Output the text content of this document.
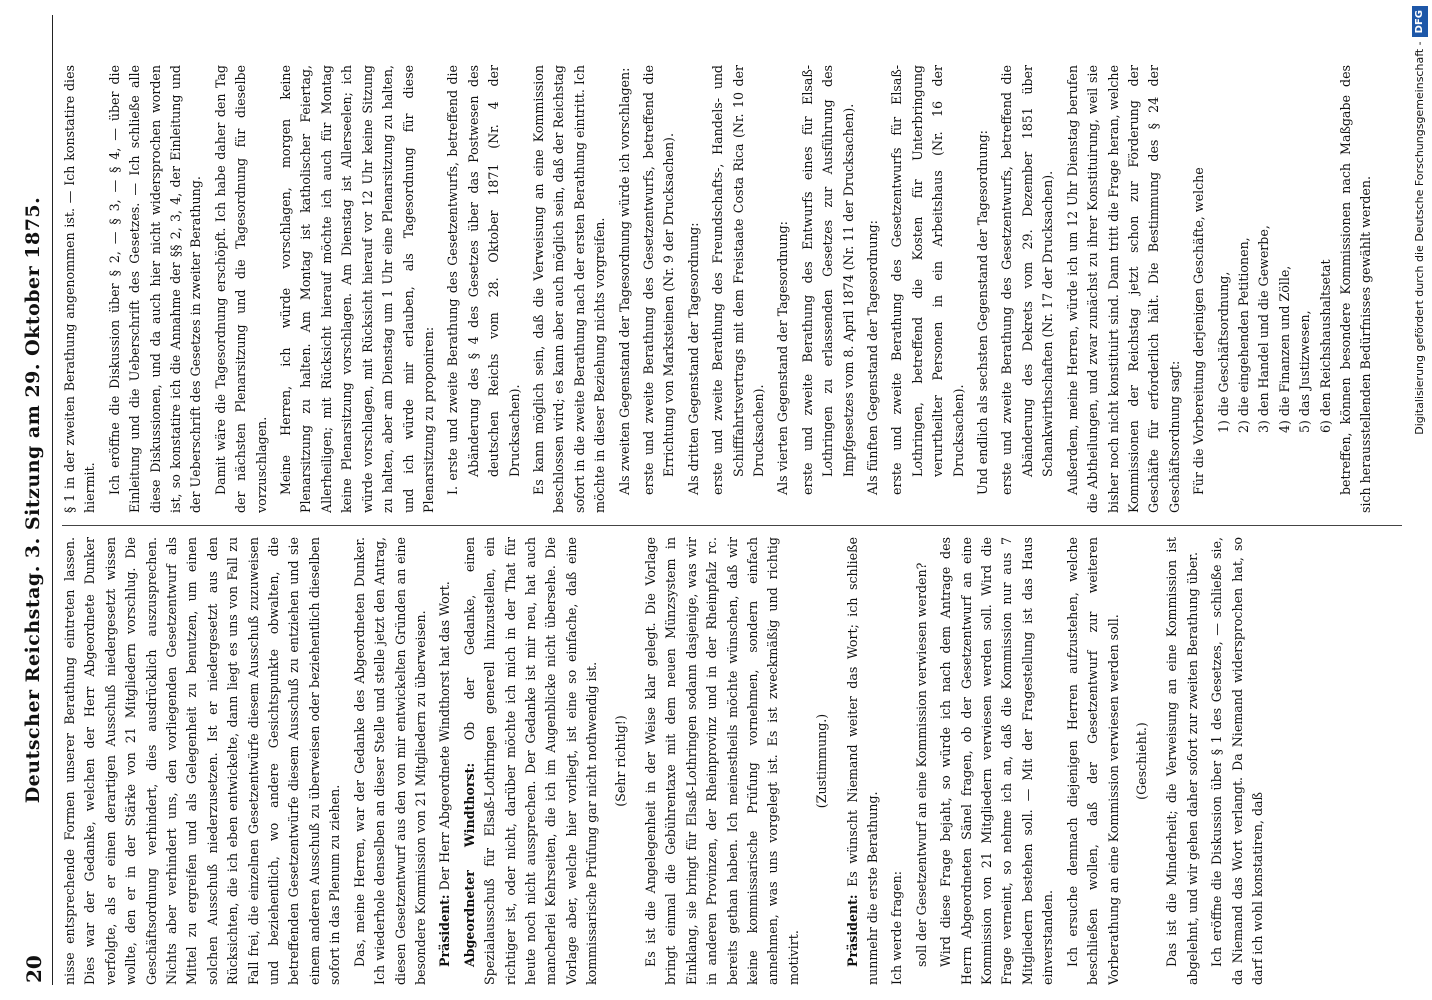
20
Deutscher Reichstag. 3. Sitzung am 29. Oktober 1875. nisse entsprechende Formen unserer Berathung eintreten lassen. Dies war der Gedanke, welchen der Herr Abgeordnete Dunker verfolgte, als er einen derartigen Ausschuß niedergesetzt wissen wollte, den er in der Stärke von 21 Mitgliedern vorschlug. Die Geschäftsordnung verhindert, dies ausdrücklich auszusprechen. Nichts aber verhindert uns, den vorliegenden Gesetzentwurf als Mittel zu ergreifen und als Gelegenheit zu benutzen, um einen solchen Ausschuß niederzusetzen. Ist er niedergesetzt aus den Rücksichten, die ich eben entwickelte, dann liegt es uns von Fall zu Fall frei, die einzelnen Gesetzentwürfe diesem Ausschuß zuzuweisen und beziehentlich, wo andere Gesichtspunkte obwalten, die betreffenden Gesetzentwürfe diesem Ausschuß zu entziehen und sie einem anderen Ausschuß zu überweisen oder beziehentlich dieselben sofort in das Plenum zu ziehen. Das, meine Herren, war der Gedanke des Abgeordneten Dunker. Ich wiederhole denselben an dieser Stelle und stelle jetzt den Antrag, diesen Gesetzentwurf aus den von mir entwickelten Gründen an eine besondere Kommission von 21 Mitgliedern zu überweisen. Präsident: Der Herr Abgeordnete Windthorst hat das Wort. Abgeordneter Windthorst: Ob der Gedanke, einen Spezialausschuß für Elsaß-Lothringen generell hinzustellen, ein richtiger ist, oder nicht, darüber möchte ich mich in der That für heute noch nicht aussprechen. Der Gedanke ist mir neu, hat auch mancherlei Kehrseiten, die ich im Augenblicke nicht übersehe. Die Vorlage aber, welche hier vorliegt, ist eine so einfache, daß eine kommissarische Prüfung gar nicht nothwendig ist. (Sehr richtig!) Es ist die Angelegenheit in der Weise klar gelegt. Die Vorlage bringt einmal die Gebührentaxe mit dem neuen Münzsystem in Einklang, sie bringt für Elsaß-Lothringen sodann dasjenige, was wir in anderen Provinzen, der Rheinprovinz und in der Rheinpfalz rc. bereits gethan haben. Ich meinestheils möchte wünschen, daß wir keine kommissarische Prüfung vornehmen, sondern einfach annehmen, was uns vorgelegt ist. Es ist zweckmäßig und richtig motivirt.

(Zustimmung.)

Präsident: Es wünscht Niemand weiter das Wort; ich schließe nunmehr die erste Berathung. Ich werde fragen: soll der Gesetzentwurf an eine Kommission verwiesen werden? Wird diese Frage bejaht, so würde ich nach dem Antrage des Herrn Abgeordneten Sänel fragen, ob der Gesetzentwurf an eine Kommission von 21 Mitgliedern verwiesen werden soll. Wird die Frage verneint, so nehme ich an, daß die Kommission nur aus 7 Mitgliedern bestehen soll. — Mit der Fragestellung ist das Haus einverstanden. Ich ersuche demnach diejenigen Herren aufzustehen, welche beschließen wollen, daß der Gesetzentwurf zur weiteren Vorberathung an eine Kommission verwiesen werden soll. (Geschieht.) Das ist die Minderheit; die Verweisung an eine Kommission ist abgelehnt, und wir gehen daher sofort zur zweiten Berathung über. Ich eröffne die Diskussion über § 1 des Gesetzes, — schließe sie, da Niemand das Wort verlangt. Da Niemand widersprochen hat, so darf ich wohl konstatiren, daß

§ 1 in der zweiten Berathung angenommen ist. — Ich konstatire dies hiermit. Ich eröffne die Diskussion über § 2, — § 3, — § 4, — über die Einleitung und die Ueberschrift des Gesetzes. — Ich schließe alle diese Diskussionen, und da auch hier nicht widersprochen worden ist, so konstatire ich die Annahme der §§ 2, 3, 4, der Einleitung und der Ueberschrift des Gesetzes in zweiter Berathung. Damit wäre die Tagesordnung erschöpft. Ich habe daher den Tag der nächsten Plenarsitzung und die Tagesordnung für dieselbe vorzuschlagen. Meine Herren, ich würde vorschlagen, morgen keine Plenarsitzung zu halten. Am Montag ist katholischer Feiertag, Allerheiligen; mit Rücksicht hierauf möchte ich auch für Montag keine Plenarsitzung vorschlagen. Am Dienstag ist Allerseelen; ich würde vorschlagen, mit Rücksicht hierauf vor 12 Uhr keine Sitzung zu halten, aber am Dienstag um 1 Uhr eine Plenarsitzung zu halten, und ich würde mir erlauben, als Tagesordnung für diese Plenarsitzung zu proponiren: I. erste und zweite Berathung des Gesetzentwurfs, betreffend die Abänderung des § 4 des Gesetzes über das Postwesen des deutschen Reichs vom 28. Oktober 1871 (Nr. 4 der Drucksachen). Es kann möglich sein, daß die Verweisung an eine Kommission beschlossen wird; es kann aber auch möglich sein, daß der Reichstag sofort in die zweite Berathung nach der ersten Berathung eintritt. Ich möchte in dieser Beziehung nichts vorgreifen. Als zweiten Gegenstand der Tagesordnung würde ich vorschlagen: erste und zweite Berathung des Gesetzentwurfs, betreffend die Errichtung von Marksteinen (Nr. 9 der Drucksachen). Als dritten Gegenstand der Tagesordnung: erste und zweite Berathung des Freundschafts-, Handels- und Schifffahrtsvertrags mit dem Freistaate Costa Rica (Nr. 10 der Drucksachen). Als vierten Gegenstand der Tagesordnung: erste und zweite Berathung des Entwurfs eines für Elsaß-Lothringen zu erlassenden Gesetzes zur Ausführung des Impfgesetzes vom 8. April 1874 (Nr. 11 der Drucksachen). Als fünften Gegenstand der Tagesordnung: erste und zweite Berathung des Gesetzentwurfs für Elsaß-Lothringen, betreffend die Kosten für Unterbringung verurtheilter Personen in ein Arbeitshaus (Nr. 16 der Drucksachen). Und endlich als sechsten Gegenstand der Tagesordnung: erste und zweite Berathung des Gesetzentwurfs, betreffend die Abänderung des Dekrets vom 29. Dezember 1851 über Schankwirthschaften (Nr. 17 der Drucksachen). Außerdem, meine Herren, würde ich um 12 Uhr Dienstag berufen die Abtheilungen, und zwar zunächst zu ihrer Konstituirung, weil sie bisher noch nicht konstituirt sind. Dann tritt die Frage heran, welche Kommissionen der Reichstag jetzt schon zur Förderung der Geschäfte für erforderlich hält. Die Bestimmung des § 24 der Geschäftsordnung sagt: Für die Vorbereitung derjenigen Geschäfte, welche 1) die Geschäftsordnung, 2) die eingehenden Petitionen, 3) den Handel und die Gewerbe, 4) die Finanzen und Zölle, 5) das Justizwesen, 6) den Reichshaushaltsetat betreffen, können besondere Kommissionen nach Maßgabe des sich herausstellenden Bedürfnisses gewählt werden.	Digitalisierung gefördert durch die Deutsche Forschungsgemeinschaft -DFG
